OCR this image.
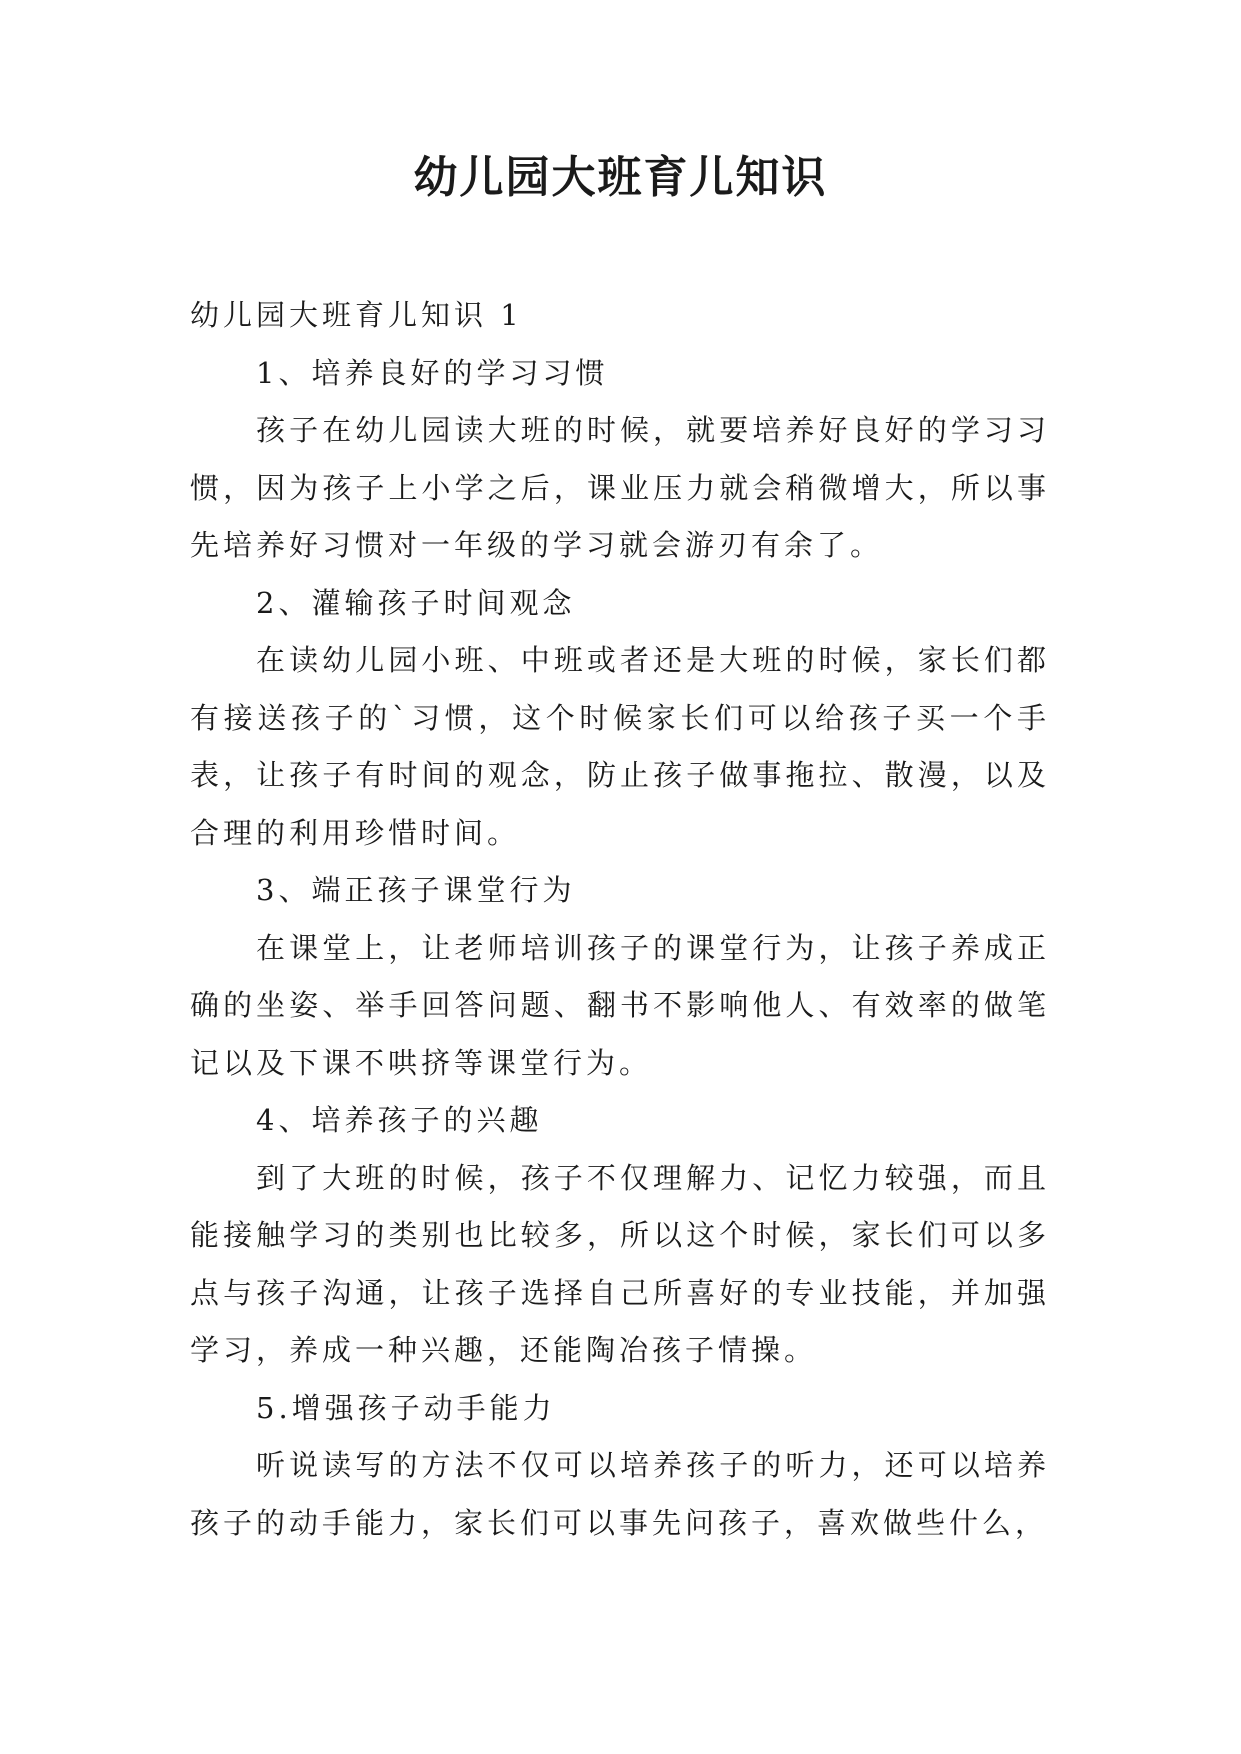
幼儿园大班育儿知识

幼儿园大班育儿知识 1

1、培养良好的学习习惯

孩子在幼儿园读大班的时候，就要培养好良好的学习习惯，因为孩子上小学之后，课业压力就会稍微增大，所以事先培养好习惯对一年级的学习就会游刃有余了。

2、灌输孩子时间观念

在读幼儿园小班、中班或者还是大班的时候，家长们都有接送孩子的`习惯，这个时候家长们可以给孩子买一个手表，让孩子有时间的观念，防止孩子做事拖拉、散漫，以及合理的利用珍惜时间。

3、端正孩子课堂行为

在课堂上，让老师培训孩子的课堂行为，让孩子养成正确的坐姿、举手回答问题、翻书不影响他人、有效率的做笔记以及下课不哄挤等课堂行为。

4、培养孩子的兴趣

到了大班的时候，孩子不仅理解力、记忆力较强，而且能接触学习的类别也比较多，所以这个时候，家长们可以多点与孩子沟通，让孩子选择自己所喜好的专业技能，并加强学习，养成一种兴趣，还能陶冶孩子情操。

5.增强孩子动手能力

听说读写的方法不仅可以培养孩子的听力，还可以培养孩子的动手能力，家长们可以事先问孩子，喜欢做些什么，
